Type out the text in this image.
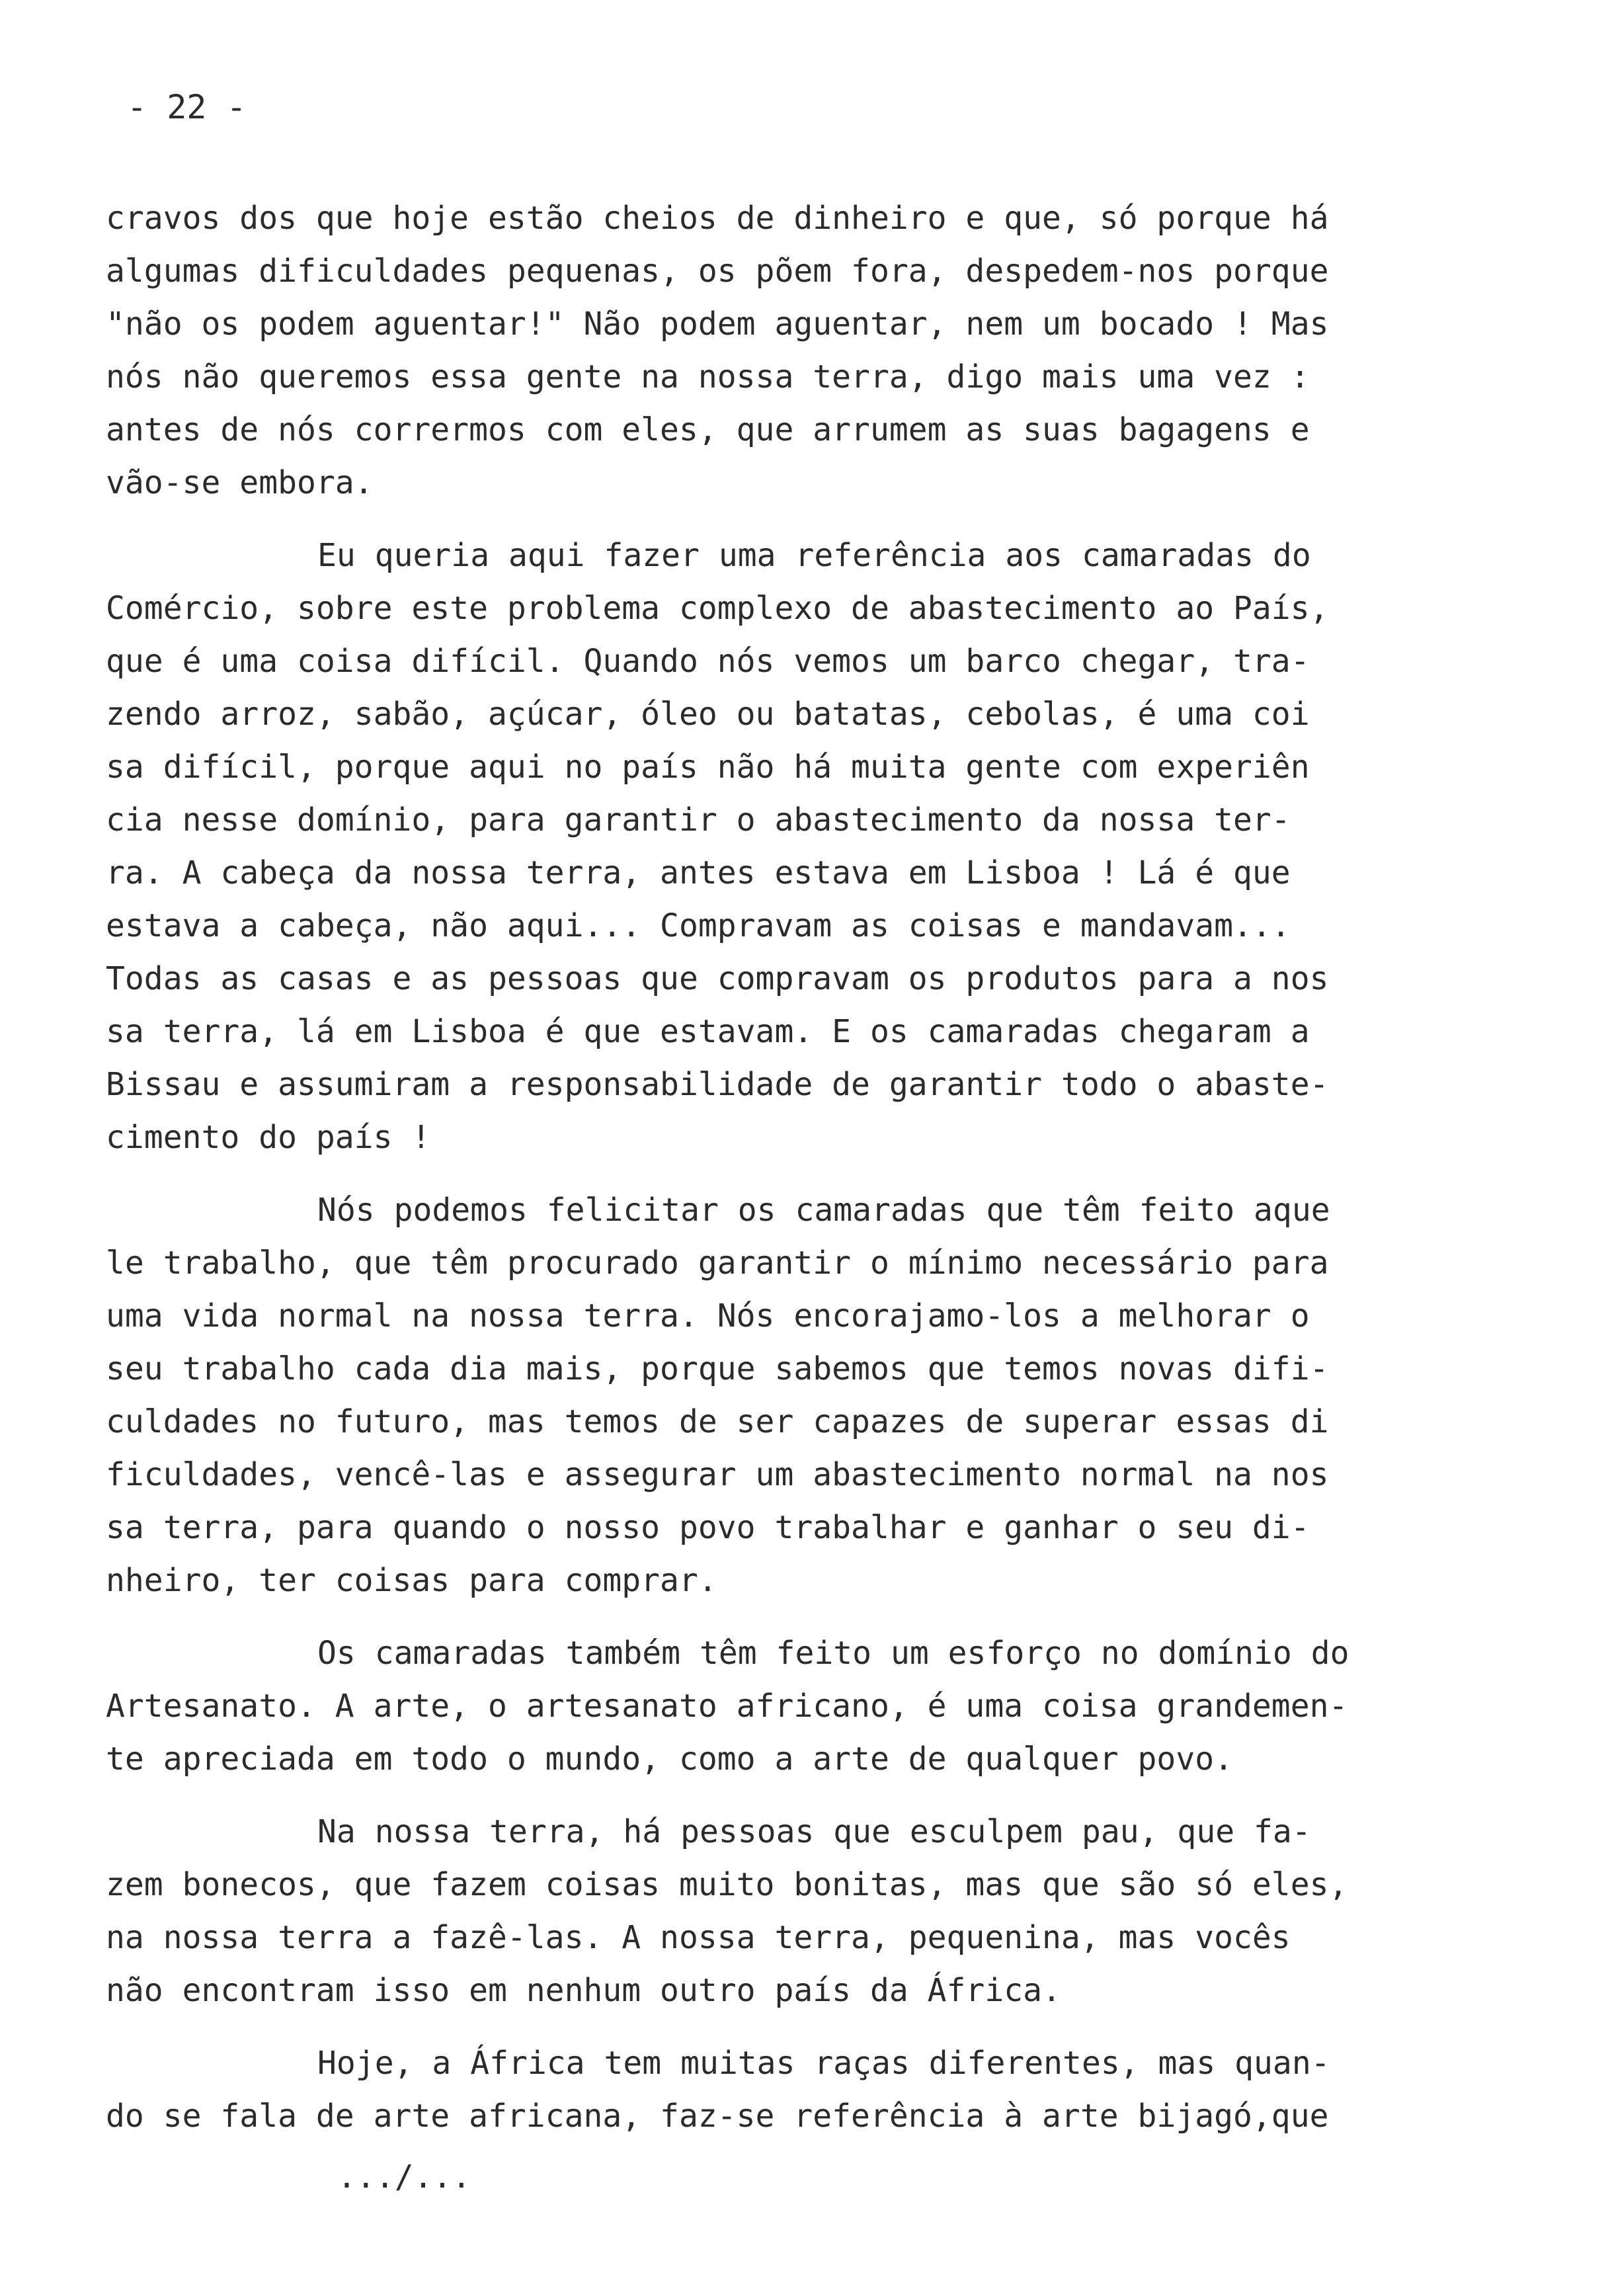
- 22 -
cravos dos que hoje estão cheios de dinheiro e que, só porque há
algumas dificuldades pequenas, os põem fora, despedem-nos porque
"não os podem aguentar!" Não podem aguentar, nem um bocado ! Mas
nós não queremos essa gente na nossa terra, digo mais uma vez :
antes de nós corrermos com eles, que arrumem as suas bagagens e
vão-se embora.
Eu queria aqui fazer uma referência aos camaradas do
Comércio, sobre este problema complexo de abastecimento ao País,
que é uma coisa difícil. Quando nós vemos um barco chegar, tra-
zendo arroz, sabão, açúcar, óleo ou batatas, cebolas, é uma coi
sa difícil, porque aqui no país não há muita gente com experiên
cia nesse domínio, para garantir o abastecimento da nossa ter-
ra. A cabeça da nossa terra, antes estava em Lisboa ! Lá é que
estava a cabeça, não aqui... Compravam as coisas e mandavam...
Todas as casas e as pessoas que compravam os produtos para a nos
sa terra, lá em Lisboa é que estavam. E os camaradas chegaram a
Bissau e assumiram a responsabilidade de garantir todo o abaste-
cimento do país !
Nós podemos felicitar os camaradas que têm feito aque
le trabalho, que têm procurado garantir o mínimo necessário para
uma vida normal na nossa terra. Nós encorajamo-los a melhorar o
seu trabalho cada dia mais, porque sabemos que temos novas difi-
culdades no futuro, mas temos de ser capazes de superar essas di
ficuldades, vencê-las e assegurar um abastecimento normal na nos
sa terra, para quando o nosso povo trabalhar e ganhar o seu di-
nheiro, ter coisas para comprar.
Os camaradas também têm feito um esforço no domínio do
Artesanato. A arte, o artesanato africano, é uma coisa grandemen-
te apreciada em todo o mundo, como a arte de qualquer povo.
Na nossa terra, há pessoas que esculpem pau, que fa-
zem bonecos, que fazem coisas muito bonitas, mas que são só eles,
na nossa terra a fazê-las. A nossa terra, pequenina, mas vocês
não encontram isso em nenhum outro país da África.
Hoje, a África tem muitas raças diferentes, mas quan-
do se fala de arte africana, faz-se referência à arte bijagó,que
.../...
